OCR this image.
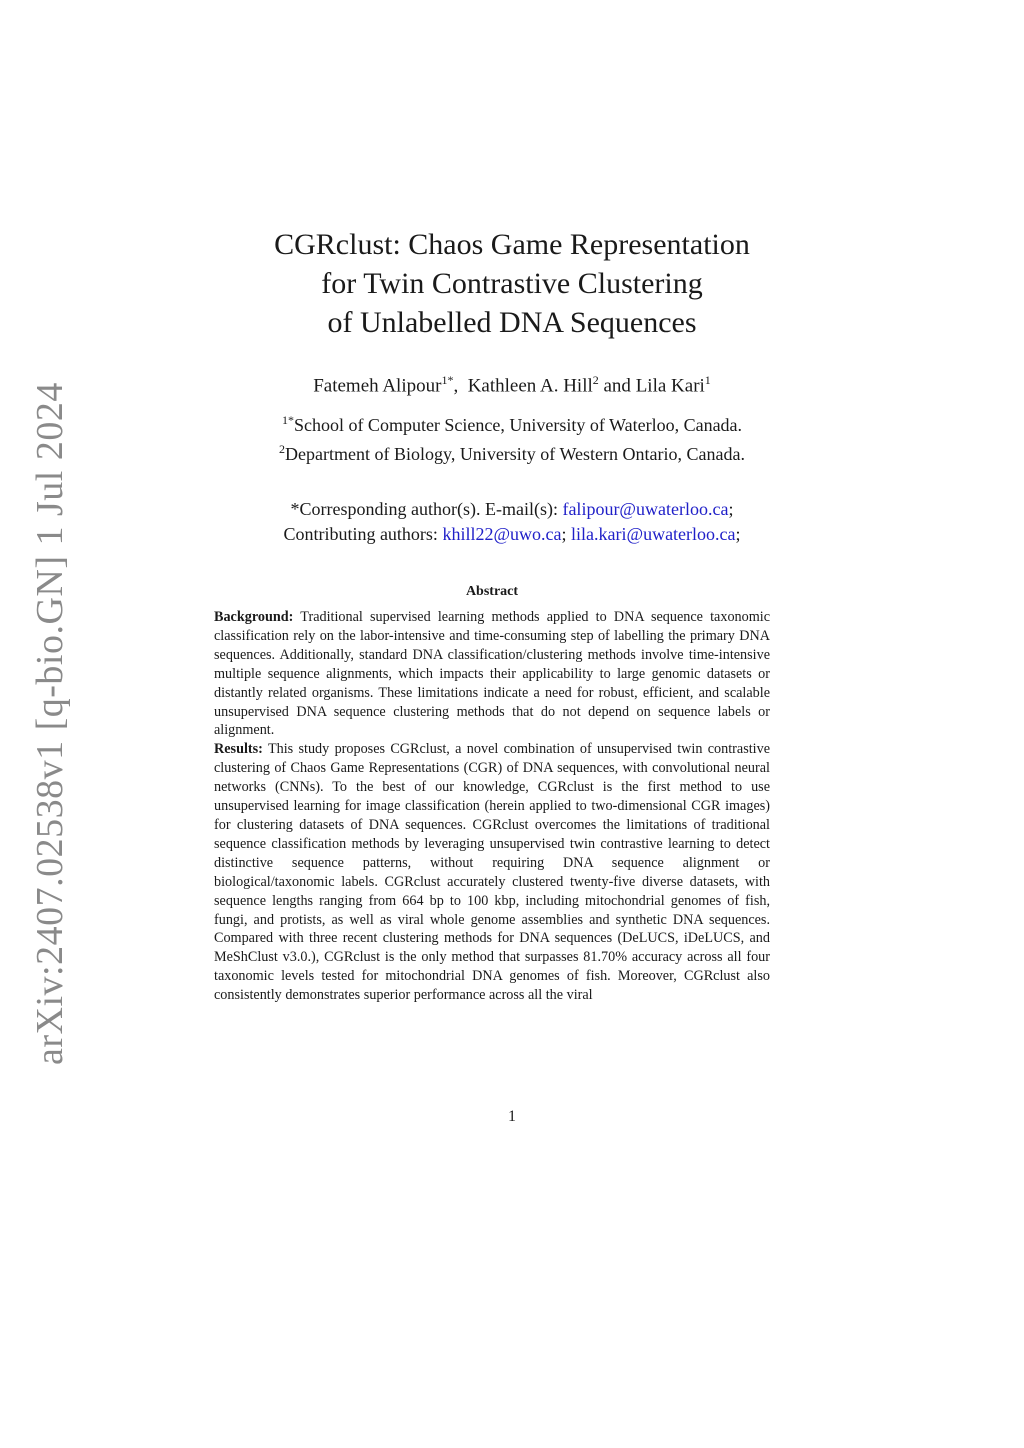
arXiv:2407.02538v1 [q-bio.GN] 1 Jul 2024
CGRclust: Chaos Game Representation
for Twin Contrastive Clustering
of Unlabelled DNA Sequences
Fatemeh Alipour$^{1*}$,  Kathleen A. Hill$^2$ and Lila Kari$^1$
$^{1*}$School of Computer Science, University of Waterloo, Canada.
$^2$Department of Biology, University of Western Ontario, Canada.
*Corresponding author(s). E-mail(s): falipour@uwaterloo.ca;
Contributing authors: khill22@uwo.ca; lila.kari@uwaterloo.ca;
Abstract

Background: Traditional supervised learning methods applied to DNA sequence taxonomic classification rely on the labor-intensive and time-consuming step of labelling the primary DNA sequences. Additionally, standard DNA classification/clustering methods involve time-intensive multiple sequence alignments, which impacts their applicability to large genomic datasets or distantly related organisms. These limitations indicate a need for robust, efficient, and scalable unsupervised DNA sequence clustering methods that do not depend on sequence labels or alignment.

Results: This study proposes CGRclust, a novel combination of unsupervised twin contrastive clustering of Chaos Game Representations (CGR) of DNA sequences, with convolutional neural networks (CNNs). To the best of our knowledge, CGRclust is the first method to use unsupervised learning for image classification (herein applied to two-dimensional CGR images) for clustering datasets of DNA sequences. CGRclust overcomes the limitations of traditional sequence classification methods by leveraging unsupervised twin contrastive learning to detect distinctive sequence patterns, without requiring DNA sequence alignment or biological/taxonomic labels. CGRclust accurately clustered twenty-five diverse datasets, with sequence lengths ranging from 664 bp to 100 kbp, including mitochondrial genomes of fish, fungi, and protists, as well as viral whole genome assemblies and synthetic DNA sequences. Compared with three recent clustering methods for DNA sequences (DeLUCS, iDeLUCS, and MeShClust v3.0.), CGRclust is the only method that surpasses 81.70% accuracy across all four taxonomic levels tested for mitochondrial DNA genomes of fish. Moreover, CGRclust also consistently demonstrates superior performance across all the viral

1
